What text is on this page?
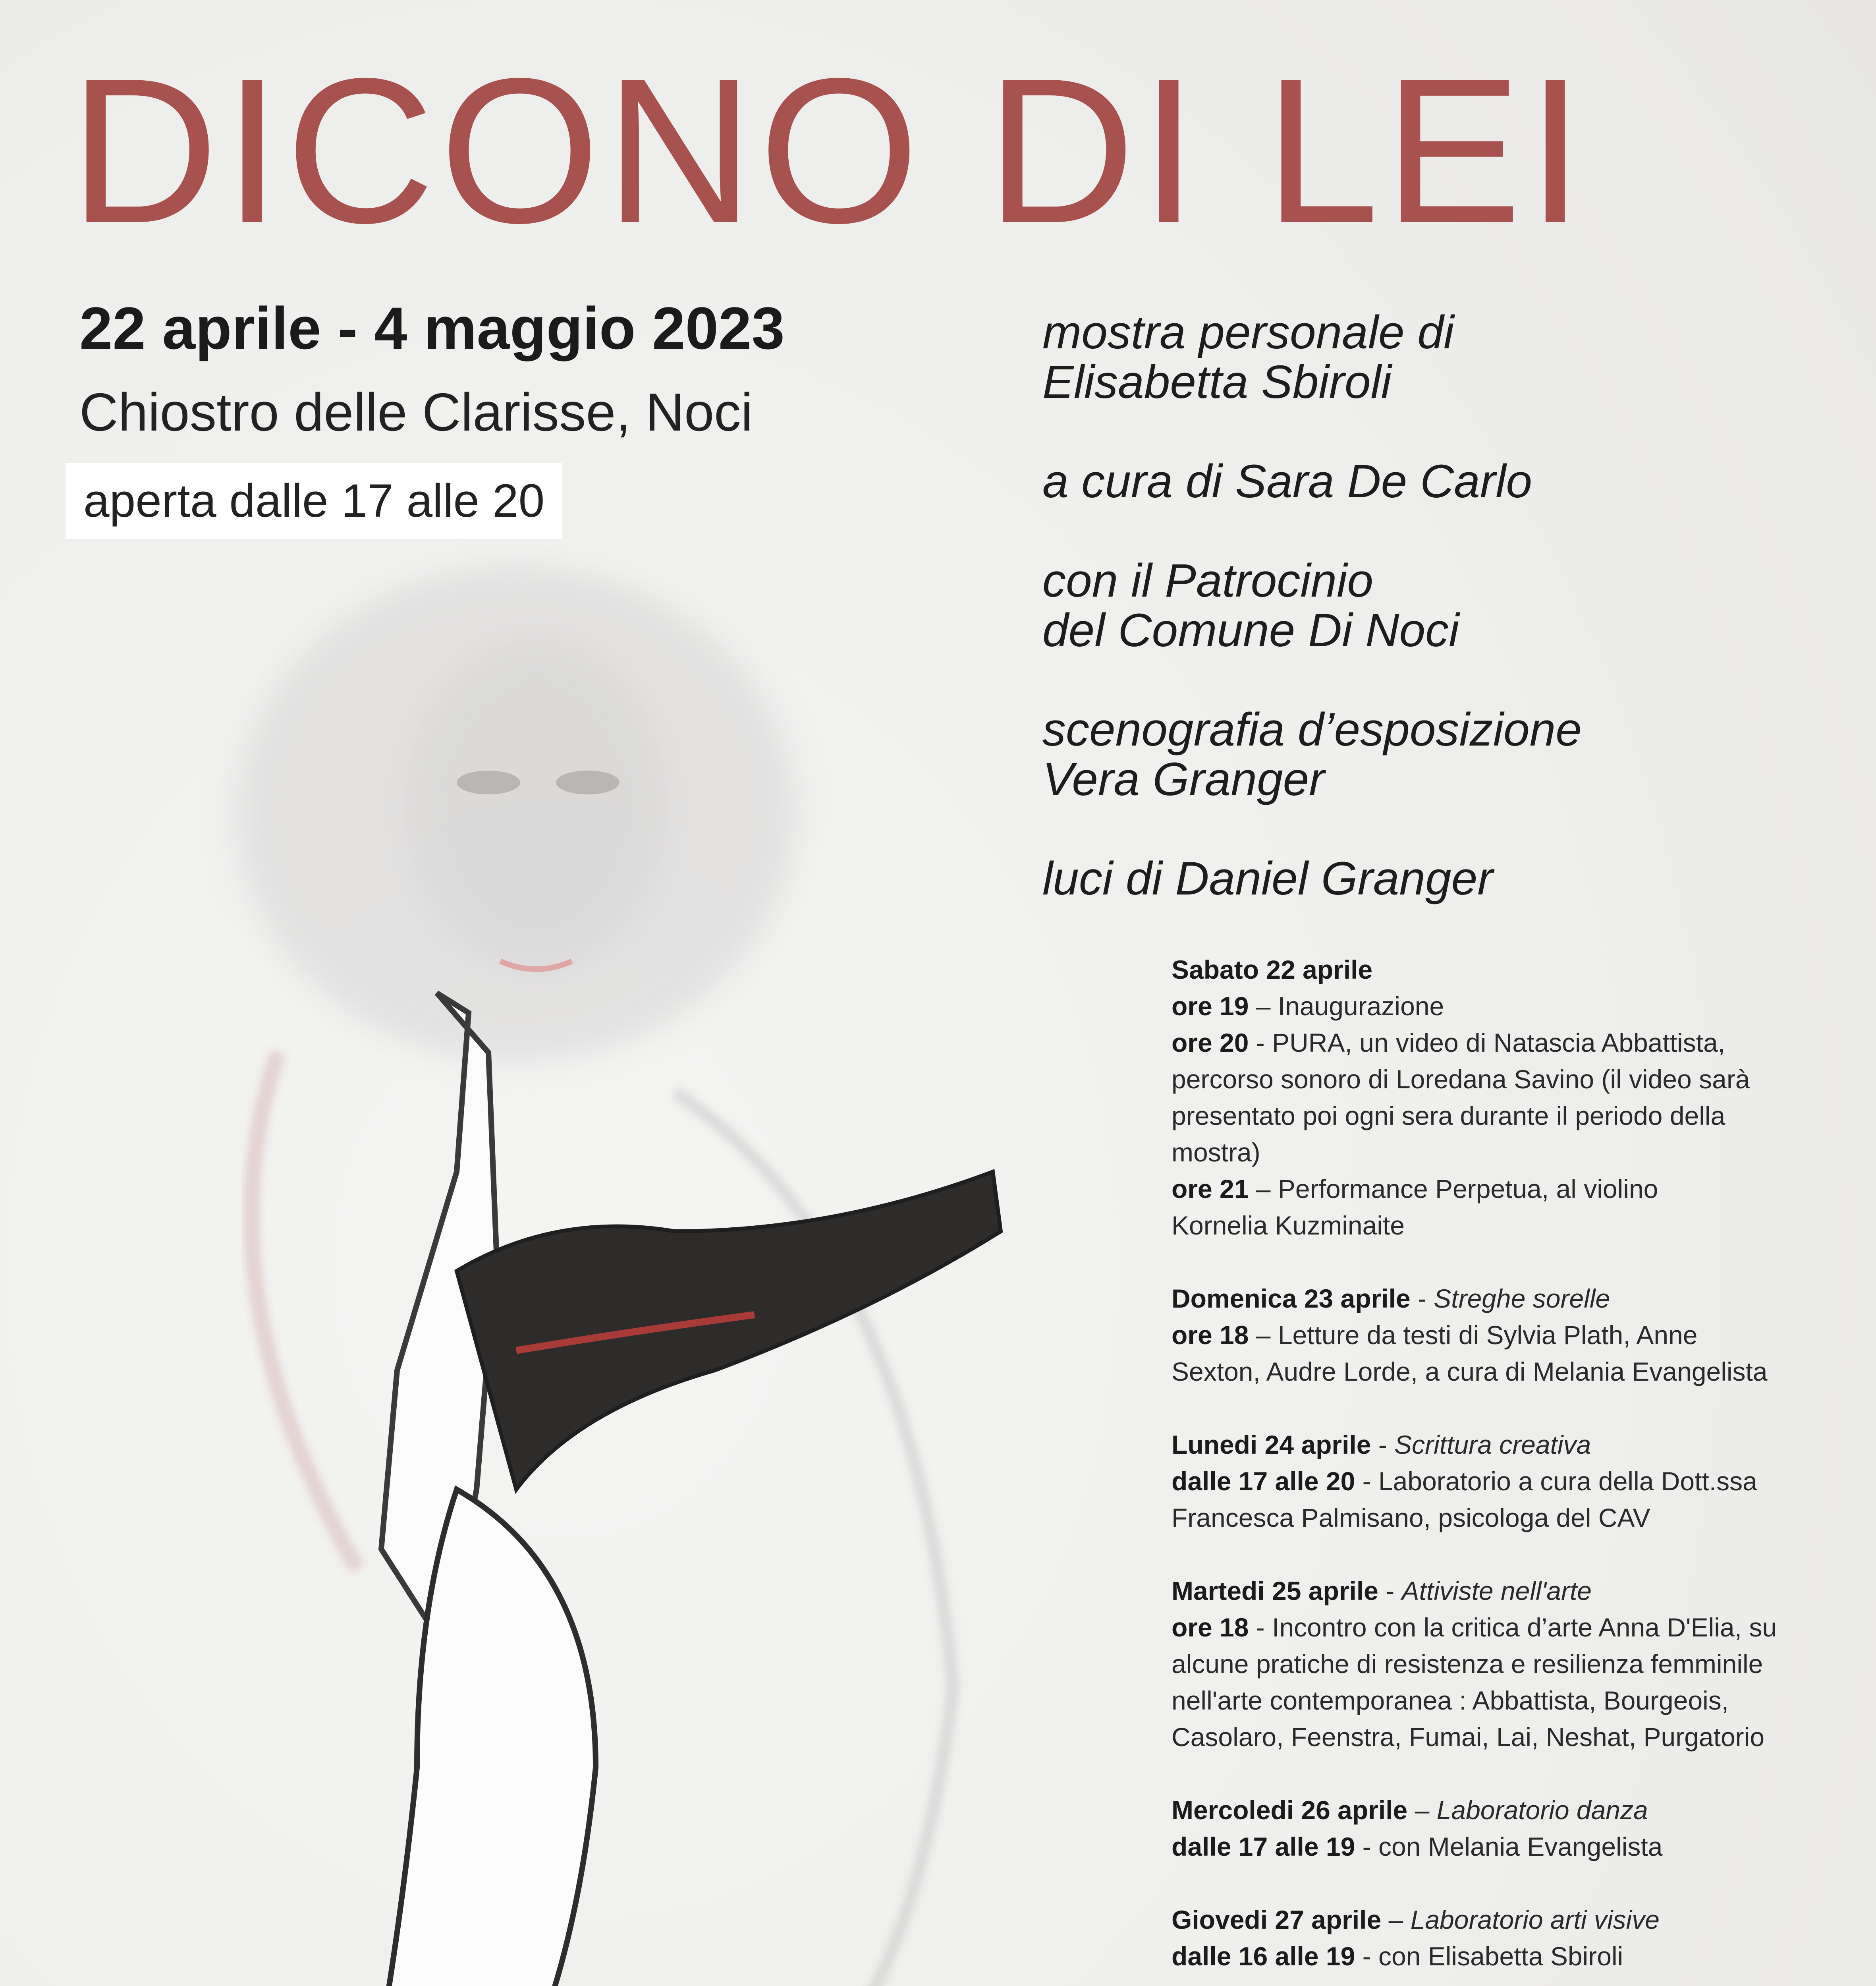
DICONO DI LEI
22 aprile - 4 maggio 2023
Chiostro delle Clarisse, Noci
aperta dalle 17 alle 20
mostra personale di
Elisabetta Sbiroli
a cura di Sara De Carlo
con il Patrocinio
del Comune Di Noci
scenografia d’esposizione
Vera Granger
luci di Daniel Granger
Sabato 22 aprile
ore 19 – Inaugurazione
ore 20 - PURA, un video di Natascia Abbattista,
percorso sonoro di Loredana Savino (il video sarà
presentato poi ogni sera durante il periodo della
mostra)
ore 21 – Performance Perpetua, al violino
Kornelia Kuzminaite
Domenica 23 aprile - Streghe sorelle
ore 18 – Letture da testi di Sylvia Plath, Anne
Sexton, Audre Lorde, a cura di Melania Evangelista
Lunedi 24 aprile - Scrittura creativa
dalle 17 alle 20 - Laboratorio a cura della Dott.ssa
Francesca Palmisano, psicologa del CAV
Martedi 25 aprile - Attiviste nell'arte
ore 18 - Incontro con la critica d’arte Anna D'Elia, su
alcune pratiche di resistenza e resilienza femminile
nell'arte contemporanea : Abbattista, Bourgeois,
Casolaro, Feenstra, Fumai, Lai, Neshat, Purgatorio
Mercoledi 26 aprile – Laboratorio danza
dalle 17 alle 19 - con Melania Evangelista
Giovedi 27 aprile – Laboratorio arti visive
dalle 16 alle 19 - con Elisabetta Sbiroli
